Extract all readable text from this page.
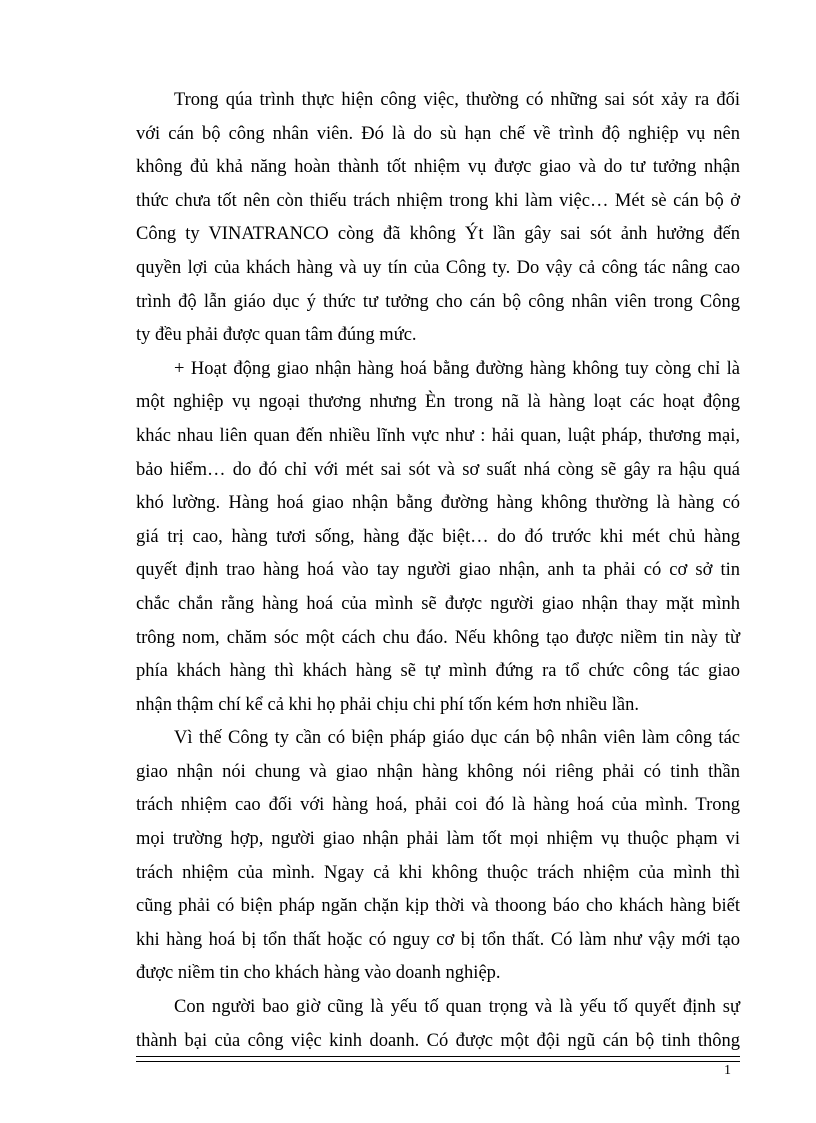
Trong qúa trình thực hiện công việc, thường có những sai sót xảy ra đối
với cán bộ công nhân viên. Đó là do sù hạn chế về trình độ nghiệp vụ nên
không đủ khả năng hoàn thành tốt nhiệm vụ được giao và do tư tưởng nhận
thức chưa tốt nên còn thiếu trách nhiệm trong khi làm việc… Mét sè cán bộ ở
Công ty VINATRANCO còng đã không Ýt lần gây sai sót ảnh hưởng đến
quyền lợi của khách hàng và uy tín của Công ty. Do vậy cả công tác nâng cao
trình độ lẫn giáo dục ý thức tư tưởng cho cán bộ công nhân viên trong Công
ty đều phải được quan tâm đúng mức.

+ Hoạt động giao nhận hàng hoá bằng đường hàng không tuy còng chỉ là
một nghiệp vụ ngoại thương nhưng Èn trong nã là hàng loạt các hoạt động
khác nhau liên quan đến nhiều lĩnh vực như : hải quan, luật pháp, thương mại,
bảo hiểm… do đó chỉ với mét sai sót và sơ suất nhá còng sẽ gây ra hậu quá
khó lường. Hàng hoá giao nhận bằng đường hàng không thường là hàng có
giá trị cao, hàng tươi sống, hàng đặc biệt… do đó trước khi mét chủ hàng
quyết định trao hàng hoá vào tay người giao nhận, anh ta phải có cơ sở tin
chắc chắn rằng hàng hoá của mình sẽ được người giao nhận thay mặt mình
trông nom, chăm sóc một cách chu đáo. Nếu không tạo được niềm tin này từ
phía khách hàng thì khách hàng sẽ tự mình đứng ra tổ chức công tác giao
nhận thậm chí kể cả khi họ phải chịu chi phí tốn kém hơn nhiều lần.

Vì thế Công ty cần có biện pháp giáo dục cán bộ nhân viên làm công tác
giao nhận nói chung và giao nhận hàng không nói riêng phải có tinh thần
trách nhiệm cao đối với hàng hoá, phải coi đó là hàng hoá của mình. Trong
mọi trường hợp, người giao nhận phải làm tốt mọi nhiệm vụ thuộc phạm vi
trách nhiệm của mình. Ngay cả khi không thuộc trách nhiệm của mình thì
cũng phải có biện pháp ngăn chặn kịp thời và thoong báo cho khách hàng biết
khi hàng hoá bị tổn thất hoặc có nguy cơ bị tổn thất. Có làm như vậy mới tạo
được niềm tin cho khách hàng vào doanh nghiệp.

Con người bao giờ cũng là yếu tố quan trọng và là yếu tố quyết định sự
thành bại của công việc kinh doanh. Có được một đội ngũ cán bộ tinh thông

1
